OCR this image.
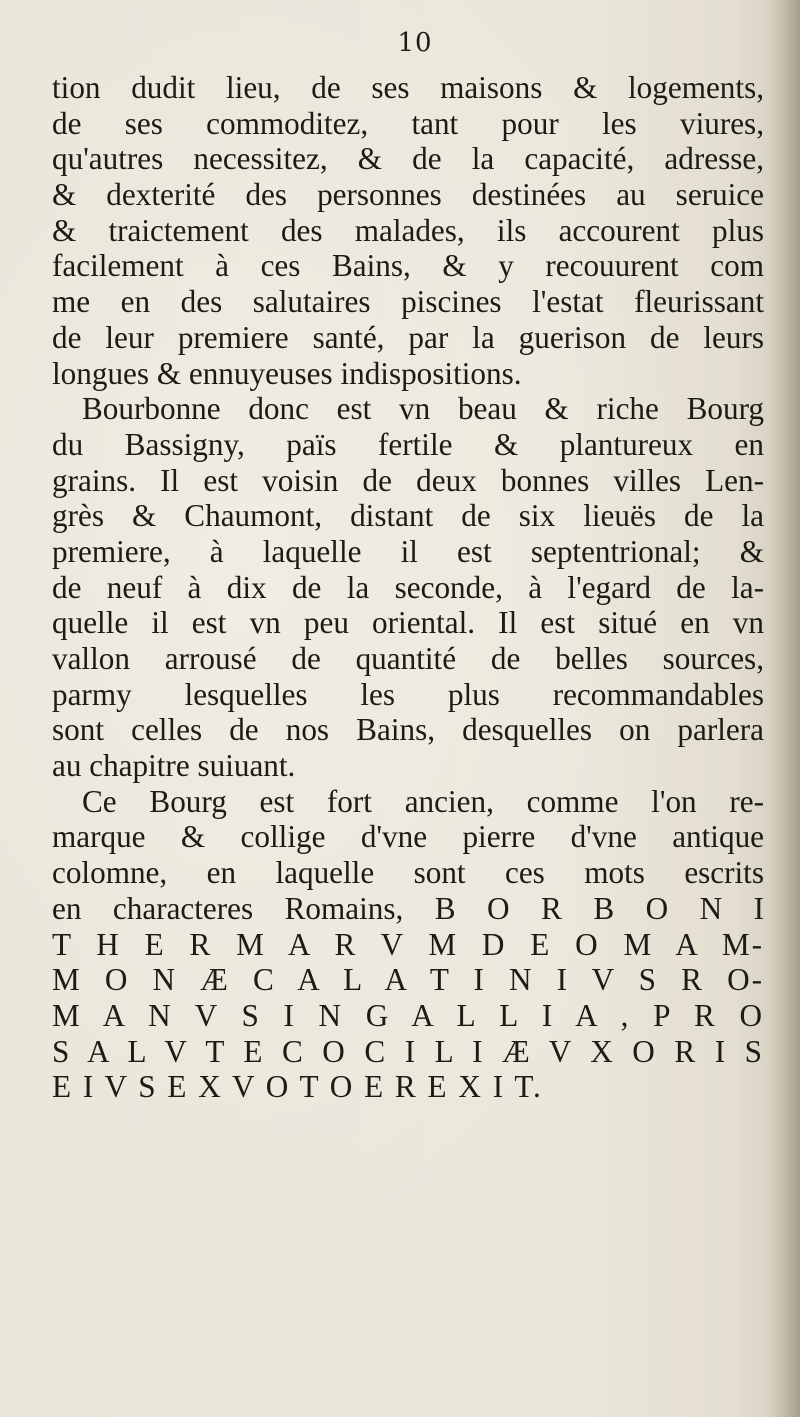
10
tion dudit lieu, de ses maisons & logements,
de ses commoditez, tant pour les viures,
qu'autres necessitez, & de la capacité, adresse,
& dexterité des personnes destinées au seruice
& traictement des malades, ils accourent plus
facilement à ces Bains, & y recouurent com
me en des salutaires piscines l'estat fleurissant
de leur premiere santé, par la guerison de leurs
longues & ennuyeuses indispositions.
Bourbonne donc est vn beau & riche Bourg
du Bassigny, païs fertile & plantureux en
grains. Il est voisin de deux bonnes villes Len-
grès & Chaumont, distant de six lieuës de la
premiere, à laquelle il est septentrional; &
de neuf à dix de la seconde, à l'egard de la-
quelle il est vn peu oriental. Il est situé en vn
vallon arrousé de quantité de belles sources,
parmy lesquelles les plus recommandables
sont celles de nos Bains, desquelles on parlera
au chapitre suiuant.
Ce Bourg est fort ancien, comme l'on re-
marque & collige d'vne pierre d'vne antique
colomne, en laquelle sont ces mots escrits
en characteres Romains, B O R B O N I
T H E R M A R V M D E O M A M-
M O N Æ C A L A T I N I V S R O-
M A N V S I N G A L L I A , P R O
S A L V T E C O C I L I Æ V X O R I S
E I V S E X V O T O E R E X I T.
